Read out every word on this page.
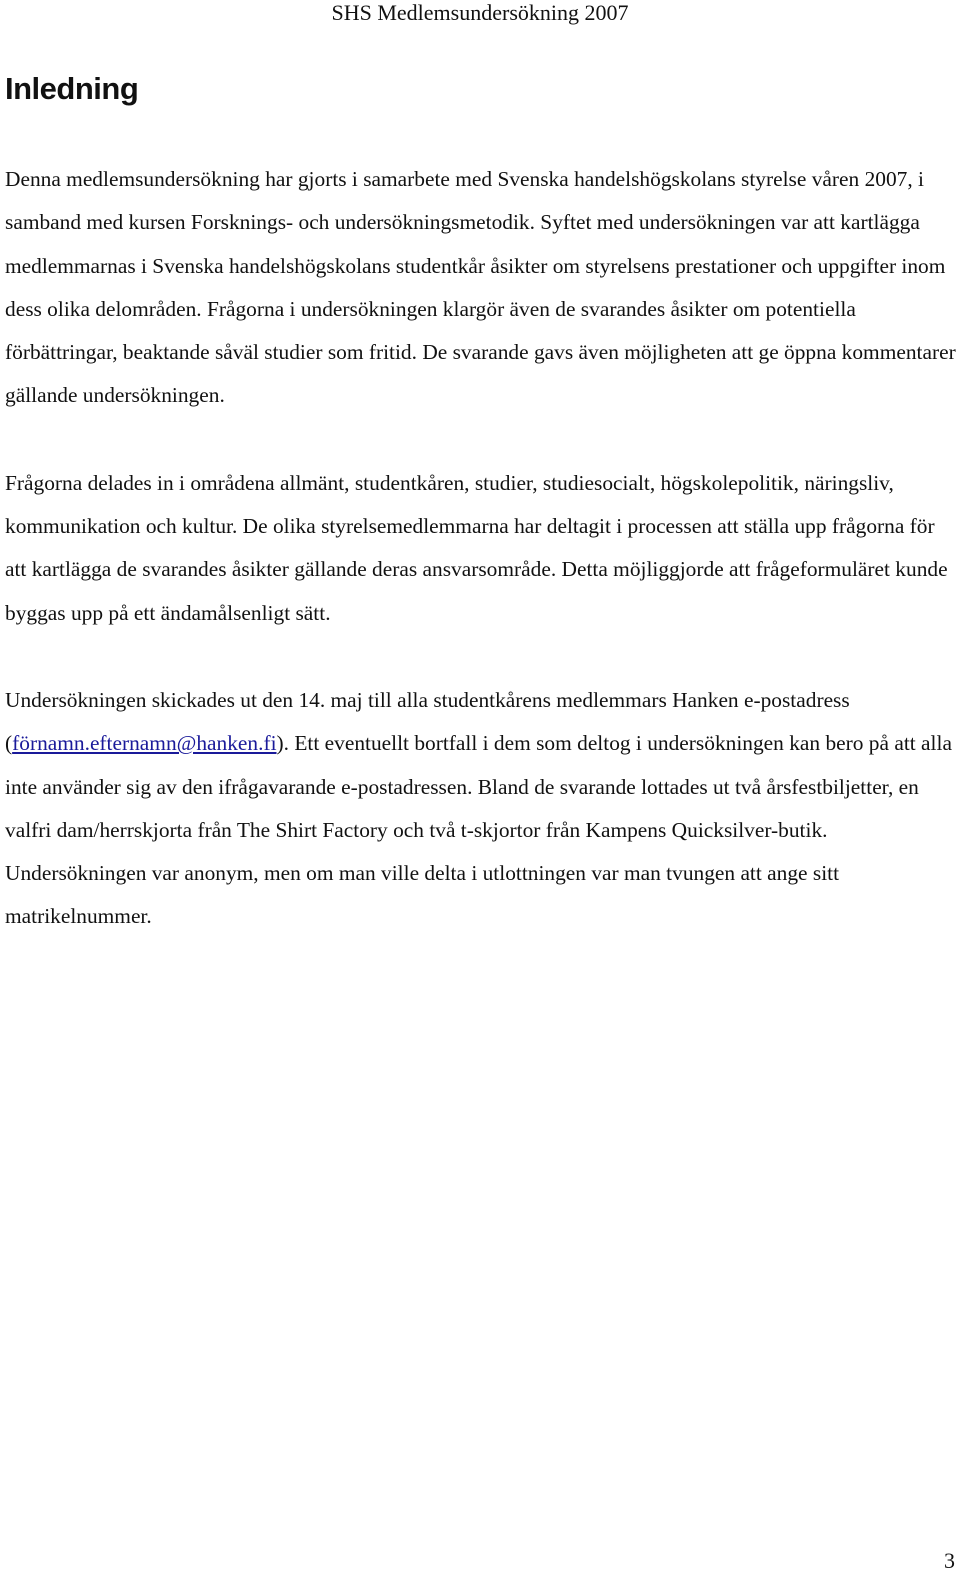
SHS Medlemsundersökning 2007
Inledning

Denna medlemsundersökning har gjorts i samarbete med Svenska handelshögskolans styrelse våren 2007, i samband med kursen Forsknings- och undersökningsmetodik. Syftet med undersökningen var att kartlägga medlemmarnas i Svenska handelshögskolans studentkår åsikter om styrelsens prestationer och uppgifter inom dess olika delområden. Frågorna i undersökningen klargör även de svarandes åsikter om potentiella förbättringar, beaktande såväl studier som fritid. De svarande gavs även möjligheten att ge öppna kommentarer gällande undersökningen.

Frågorna delades in i områdena allmänt, studentkåren, studier, studiesocialt, högskolepolitik, näringsliv, kommunikation och kultur. De olika styrelsemedlemmarna har deltagit i processen att ställa upp frågorna för att kartlägga de svarandes åsikter gällande deras ansvarsområde. Detta möjliggjorde att frågeformuläret kunde byggas upp på ett ändamålsenligt sätt.

Undersökningen skickades ut den 14. maj till alla studentkårens medlemmars Hanken e-postadress (förnamn.efternamn@hanken.fi). Ett eventuellt bortfall i dem som deltog i undersökningen kan bero på att alla inte använder sig av den ifrågavarande e-postadressen. Bland de svarande lottades ut två årsfestbiljetter, en valfri dam/herrskjorta från The Shirt Factory och två t-skjortor från Kampens Quicksilver-butik. Undersökningen var anonym, men om man ville delta i utlottningen var man tvungen att ange sitt matrikelnummer.

3
